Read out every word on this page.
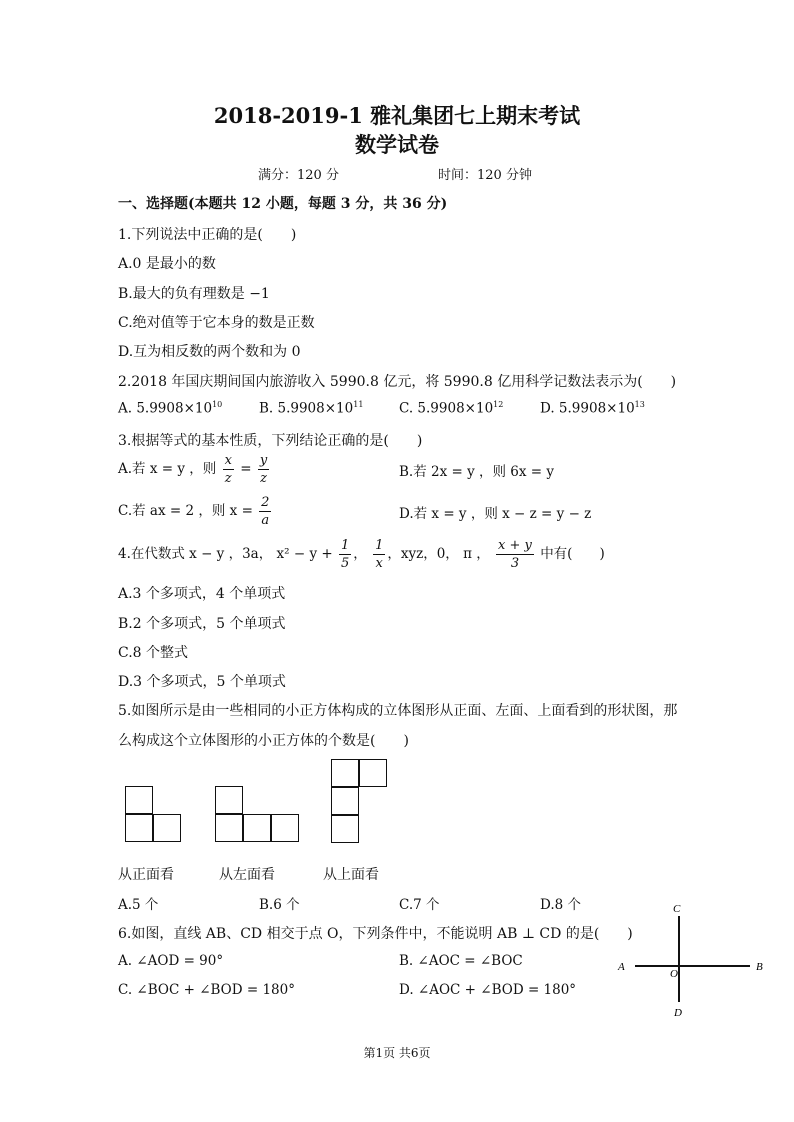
2018-2019-1 雅礼集团七上期末考试
数学试卷
满分：120 分	时间：120 分钟
一、选择题(本题共 12 小题，每题 3 分，共 36 分)
1.下列说法中正确的是(　　)
A.0 是最小的数
B.最大的负有理数是 −1
C.绝对值等于它本身的数是正数
D.互为相反数的两个数和为 0
2.2018 年国庆期间国内旅游收入 5990.8 亿元，将 5990.8 亿用科学记数法表示为(　　)
A. $5.9908\times 10^{10}$	B. $5.9908\times 10^{11}$	C. $5.9908\times 10^{12}$	D. $5.9908\times 10^{13}$
3.根据等式的基本性质，下列结论正确的是(　　)
A.若 x = y ，则 $\frac{x}{z} = \frac{y}{z}$	B.若 2x = y ，则 6x = y
C.若 ax = 2 ，则 $x = \frac{2}{a}$	D.若 x = y ，则 x − z = y − z
4.在代数式 x − y ，3a， $x^2 - y + \frac{1}{5}$ ， $\frac{1}{x}$ ，xyz，0， π ， $\frac{x + y}{3}$ 中有(　　)
A.3 个多项式，4 个单项式
B.2 个多项式，5 个单项式
C.8 个整式
D.3 个多项式，5 个单项式
5.如图所示是由一些相同的小正方体构成的立体图形从正面、左面、上面看到的形状图，那
么构成这个立体图形的小正方体的个数是(　　)
从正面看	从左面看	从上面看
A.5 个	B.6 个	C.7 个	D.8 个
6.如图，直线 AB、CD 相交于点 O，下列条件中，不能说明 AB ⊥ CD 的是(　　)
A. ∠AOD = 90°	B. ∠AOC = ∠BOC
C. ∠BOC + ∠BOD = 180°	D. ∠AOC + ∠BOD = 180°
C
A	B
O
D
第1页 共6页
